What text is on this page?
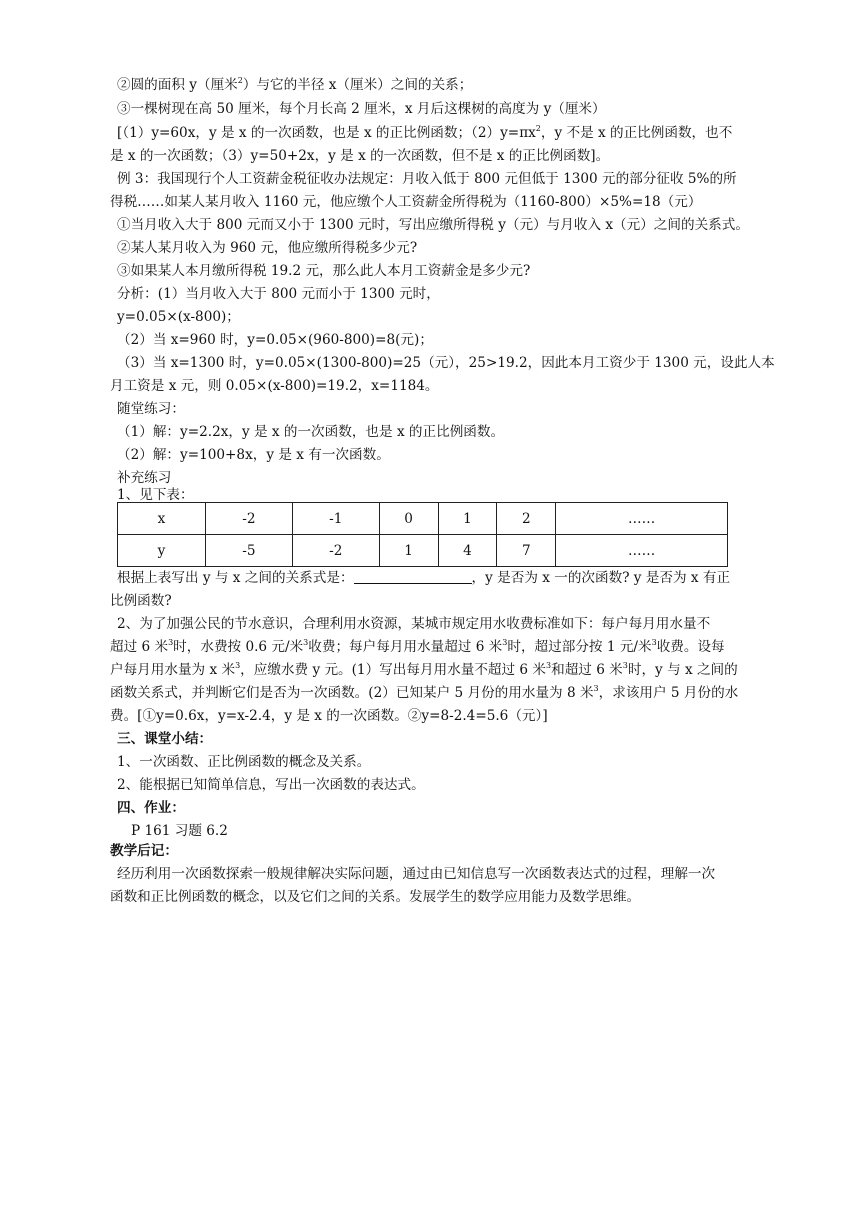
②圆的面积 y（厘米$^2$）与它的半径 x（厘米）之间的关系；
③一棵树现在高 50 厘米，每个月长高 2 厘米，x 月后这棵树的高度为 y（厘米）
[（1）y=60x，y 是 x 的一次函数，也是 x 的正比例函数；$(2)y=\pi x^2$，y 不是 x 的正比例函数，也不
是 x 的一次函数；（3）y=50+2x，y 是 x 的一次函数，但不是 x 的正比例函数]。
例 3：我国现行个人工资薪金税征收办法规定：月收入低于 800 元但低于 1300 元的部分征收 5%的所
得税……如某人某月收入 1160 元，他应缴个人工资薪金所得税为（1160-800）×5%=18（元）
①当月收入大于 800 元而又小于 1300 元时，写出应缴所得税 y（元）与月收入 x（元）之间的关系式。
②某人某月收入为 960 元，他应缴所得税多少元?
③如果某人本月缴所得税 19.2 元，那么此人本月工资薪金是多少元?
分析：(1）当月收入大于 800 元而小于 1300 元时，
y=0.05×(x-800)；
（2）当 x=960 时，y=0.05×(960-800)=8(元)；
（3）当 x=1300 时，y=0.05×(1300-800)=25（元），25>19.2，因此本月工资少于 1300 元，设此人本
月工资是 x 元，则 0.05×(x-800)=19.2，x=1184。
随堂练习：
（1）解：y=2.2x，y 是 x 的一次函数，也是 x 的正比例函数。
（2）解：y=100+8x，y 是 x 有一次函数。
补充练习
1、见下表：
x	-2	-1	0	1	2	……
y	-5	-2	1	4	7	……
根据上表写出 y 与 x 之间的关系式是：	，y 是否为 x 一的次函数? y 是否为 x 有正
比例函数?
2、为了加强公民的节水意识，合理利用水资源，某城市规定用水收费标准如下：每户每月用水量不
超过 6 米$^3$时，水费按 0.6 元/米$^3$收费；每户每月用水量超过 6 米$^3$时，超过部分按 1 元/米$^3$收费。设每
户每月用水量为 x 米$^3$，应缴水费 y 元。(1）写出每月用水量不超过 6 米$^3$和超过 6 米$^3$时，y 与 x 之间的
函数关系式，并判断它们是否为一次函数。(2）已知某户 5 月份的用水量为 8 米$^3$，求该用户 5 月份的水
费。[①y=0.6x，y=x-2.4，y 是 x 的一次函数。②y=8-2.4=5.6（元）]
三、课堂小结：
1、一次函数、正比例函数的概念及关系。
2、能根据已知简单信息，写出一次函数的表达式。
四、作业：
P 161 习题 6.2
教学后记：
经历利用一次函数探索一般规律解决实际问题，通过由已知信息写一次函数表达式的过程，理解一次
函数和正比例函数的概念，以及它们之间的关系。发展学生的数学应用能力及数学思维。
